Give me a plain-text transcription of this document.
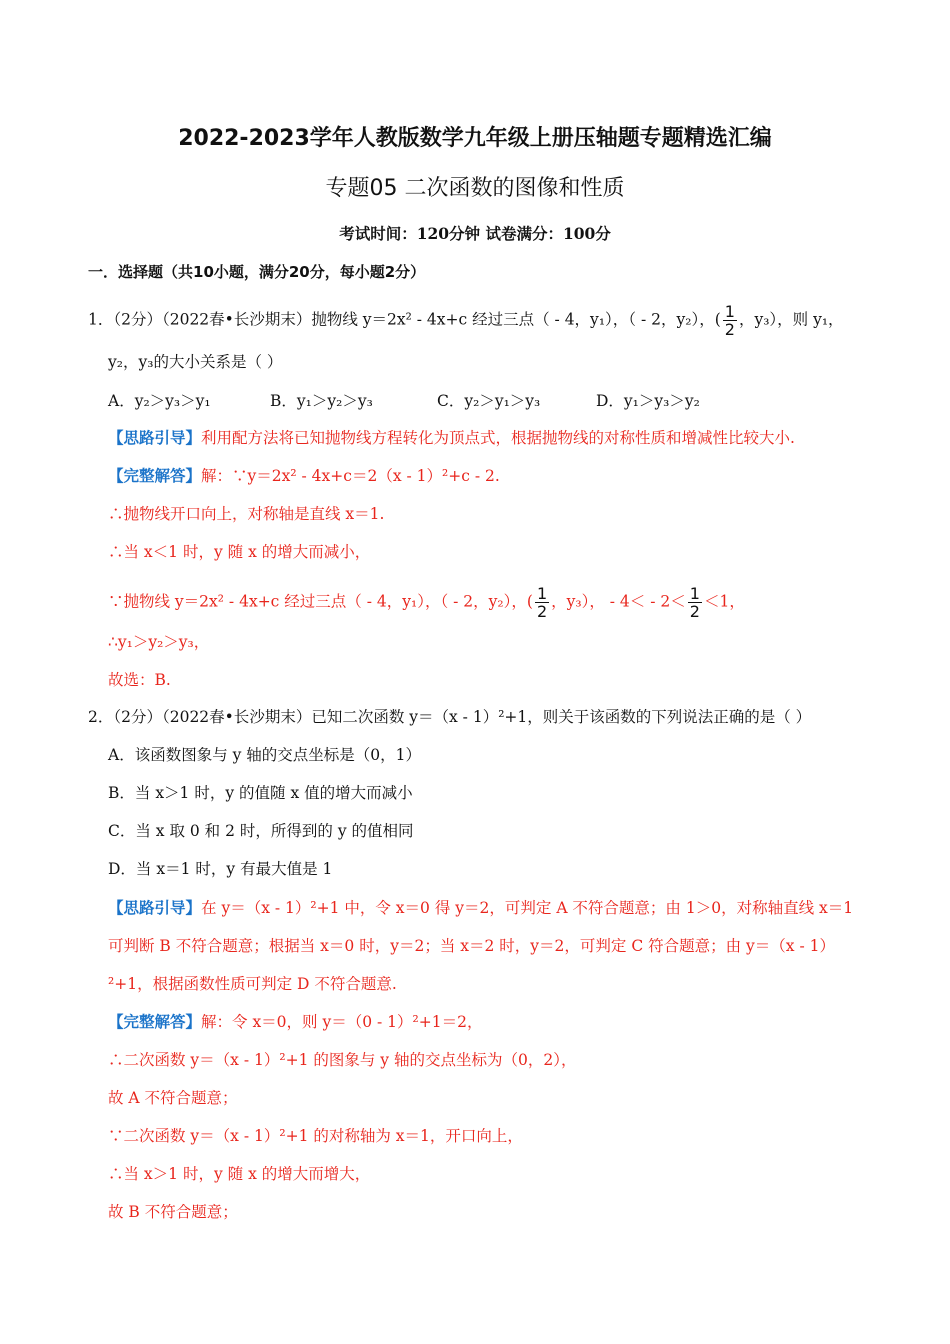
2022-2023学年人教版数学九年级上册压轴题专题精选汇编
专题05 二次函数的图像和性质
考试时间：120分钟 试卷满分：100分
一．选择题（共10小题，满分20分，每小题2分）
1．（2分）（2022春•长沙期末）抛物线 y＝2x² - 4x+c 经过三点（ - 4，y₁），（ - 2，y₂），( $\frac{1}{2}$ ，y₃），则 y₁，
y₂，y₃的大小关系是（ ）
A．y₂＞y₃＞y₁	B．y₁＞y₂＞y₃	C．y₂＞y₁＞y₃	D．y₁＞y₃＞y₂
【思路引导】利用配方法将已知抛物线方程转化为顶点式，根据抛物线的对称性质和增减性比较大小.
【完整解答】解：∵y＝2x² - 4x+c＝2（x - 1）²+c - 2.
∴抛物线开口向上，对称轴是直线 x＝1.
∴当 x＜1 时，y 随 x 的增大而减小，
∵抛物线 y＝2x² - 4x+c 经过三点（ - 4，y₁），（ - 2，y₂），( $\frac{1}{2}$ ，y₃）， - $4< - 2< \frac{1}{2} <1$，
∴y₁＞y₂＞y₃，
故选：B.
2．（2分）（2022春•长沙期末）已知二次函数 y＝（x - 1）²+1，则关于该函数的下列说法正确的是（ ）
A．该函数图象与 y 轴的交点坐标是（0，1）
B．当 x＞1 时，y 的值随 x 值的增大而减小
C．当 x 取 0 和 2 时，所得到的 y 的值相同
D．当 x＝1 时，y 有最大值是 1
【思路引导】在 y＝（x - 1）²+1 中，令 x＝0 得 y＝2，可判定 A 不符合题意；由 1＞0，对称轴直线 x＝1
可判断 B 不符合题意；根据当 x＝0 时，y＝2；当 x＝2 时，y＝2，可判定 C 符合题意；由 y＝（x - 1）
²+1，根据函数性质可判定 D 不符合题意.
【完整解答】解：令 x＝0，则 y＝（0 - 1）²+1＝2，
∴二次函数 y＝（x - 1）²+1 的图象与 y 轴的交点坐标为（0，2），
故 A 不符合题意；
∵二次函数 y＝（x - 1）²+1 的对称轴为 x＝1，开口向上，
∴当 x＞1 时，y 随 x 的增大而增大，
故 B 不符合题意；
